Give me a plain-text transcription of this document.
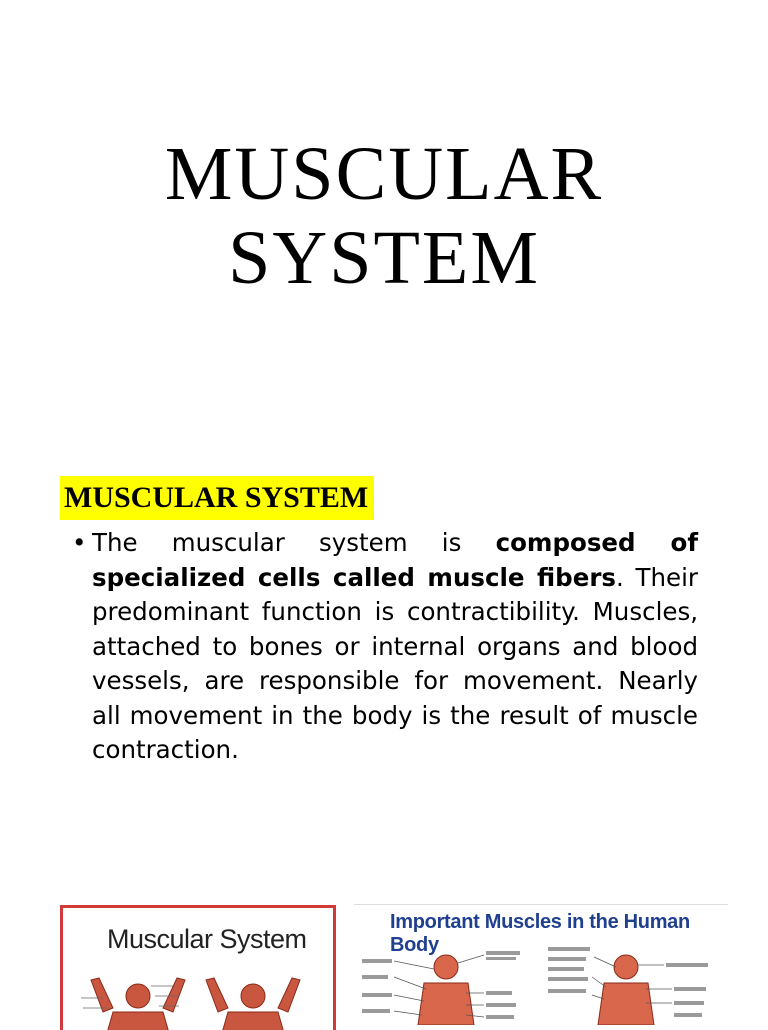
MUSCULAR
SYSTEM
MUSCULAR SYSTEM
• The muscular system is composed of specialized cells called muscle fibers. Their predominant function is contractibility. Muscles, attached to bones or internal organs and blood vessels, are responsible for movement. Nearly all movement in the body is the result of muscle contraction.
Muscular System
Important Muscles in the Human Body
